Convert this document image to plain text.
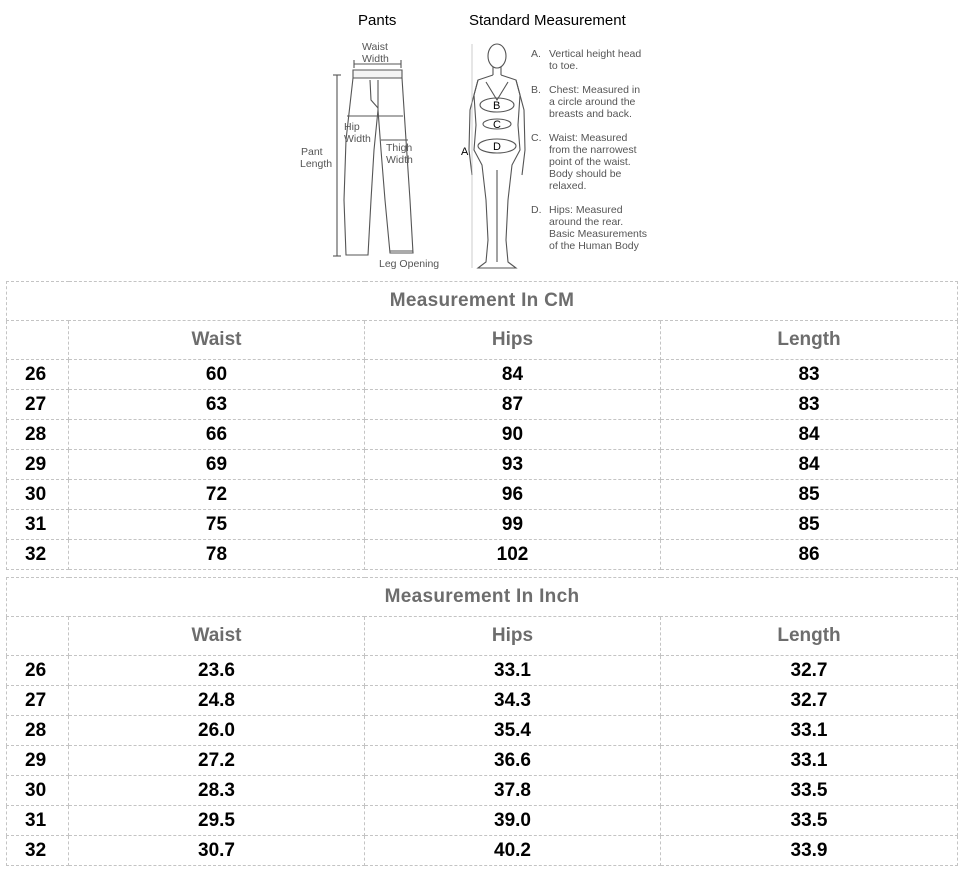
Pants	Standard Measurement
Waist
Width
Hip
Width
Pant
Length
Thigh
Width
Leg Opening
A
B
C
D
A. Vertical height head
to toe.
B. Chest: Measured in
a circle around the
breasts and back.
C. Waist: Measured
from the narrowest
point of the waist.
Body should be
relaxed.
D. Hips: Measured
around the rear.
Basic Measurements
of the Human Body
Measurement In CM			
	Waist	Hips	Length
26	60	84	83
27	63	87	83
28	66	90	84
29	69	93	84
30	72	96	85
31	75	99	85
32	78	102	86
Measurement In Inch			
	Waist	Hips	Length
26	23.6	33.1	32.7
27	24.8	34.3	32.7
28	26.0	35.4	33.1
29	27.2	36.6	33.1
30	28.3	37.8	33.5
31	29.5	39.0	33.5
32	30.7	40.2	33.9
